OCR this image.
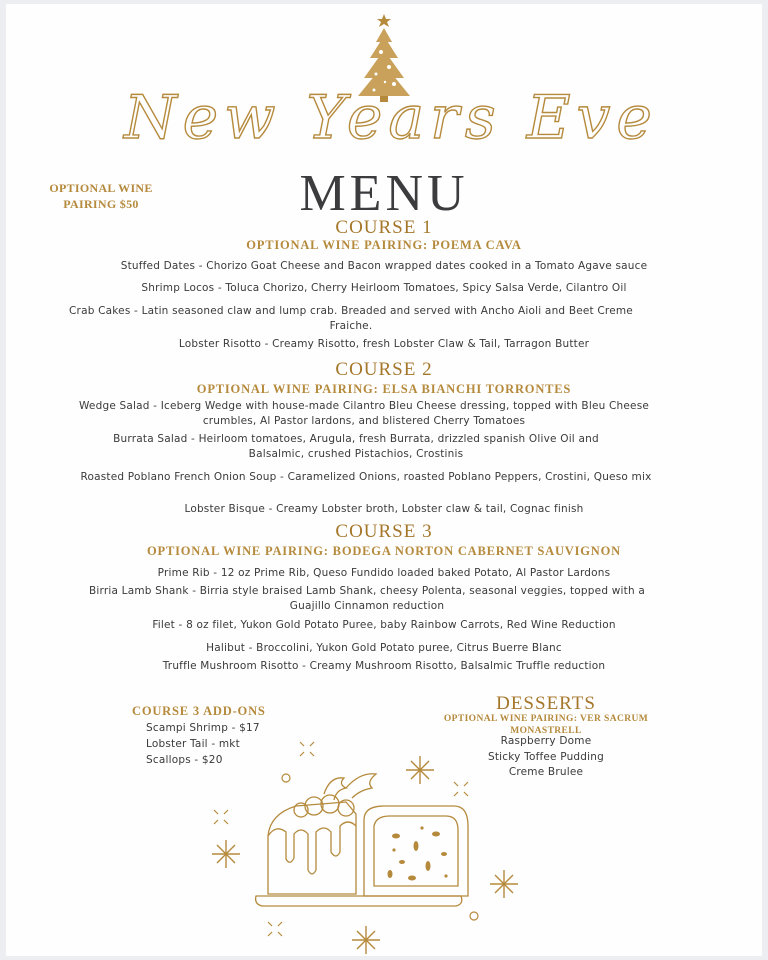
New Years Eve
MENU
OPTIONAL WINE PAIRING $50
COURSE 1
OPTIONAL WINE PAIRING: POEMA CAVA
Stuffed Dates - Chorizo Goat Cheese and Bacon wrapped dates cooked in a Tomato Agave sauce
Shrimp Locos - Toluca Chorizo, Cherry Heirloom Tomatoes, Spicy Salsa Verde, Cilantro Oil
Crab Cakes - Latin seasoned claw and lump crab. Breaded and served with Ancho Aioli and Beet Creme Fraiche.
Lobster Risotto - Creamy Risotto, fresh Lobster Claw & Tail, Tarragon Butter
COURSE 2
OPTIONAL WINE PAIRING: ELSA BIANCHI TORRONTES
Wedge Salad - Iceberg Wedge with house-made Cilantro Bleu Cheese dressing, topped with Bleu Cheese crumbles, Al Pastor lardons, and blistered Cherry Tomatoes
Burrata Salad - Heirloom tomatoes, Arugula, fresh Burrata, drizzled spanish Olive Oil and Balsalmic, crushed Pistachios, Crostinis
Roasted Poblano French Onion Soup - Caramelized Onions, roasted Poblano Peppers, Crostini, Queso mix
Lobster Bisque - Creamy Lobster broth, Lobster claw & tail, Cognac finish
COURSE 3
OPTIONAL WINE PAIRING: BODEGA NORTON CABERNET SAUVIGNON
Prime Rib - 12 oz Prime Rib, Queso Fundido loaded baked Potato, Al Pastor Lardons
Birria Lamb Shank - Birria style braised Lamb Shank, cheesy Polenta, seasonal veggies, topped with a Guajillo Cinnamon reduction
Filet - 8 oz filet, Yukon Gold Potato Puree, baby Rainbow Carrots, Red Wine Reduction
Halibut - Broccolini, Yukon Gold Potato puree, Citrus Buerre Blanc
Truffle Mushroom Risotto - Creamy Mushroom Risotto, Balsalmic Truffle reduction
COURSE 3 ADD-ONS
Scampi Shrimp - $17
Lobster Tail - mkt
Scallops - $20
DESSERTS
OPTIONAL WINE PAIRING: VER SACRUM MONASTRELL
Raspberry Dome
Sticky Toffee Pudding
Creme Brulee
